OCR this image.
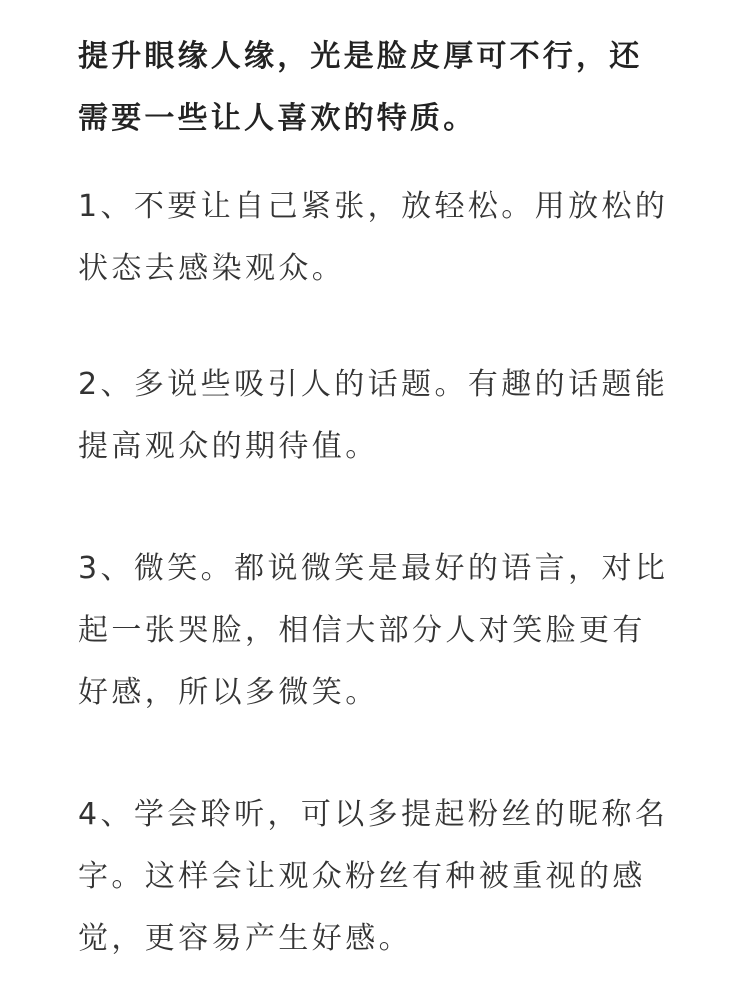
提升眼缘人缘，光是脸皮厚可不行，还需要一些让人喜欢的特质。

1、不要让自己紧张，放轻松。用放松的状态去感染观众。

2、多说些吸引人的话题。有趣的话题能提高观众的期待值。

3、微笑。都说微笑是最好的语言，对比起一张哭脸，相信大部分人对笑脸更有好感，所以多微笑。

4、学会聆听，可以多提起粉丝的昵称名字。这样会让观众粉丝有种被重视的感觉，更容易产生好感。
